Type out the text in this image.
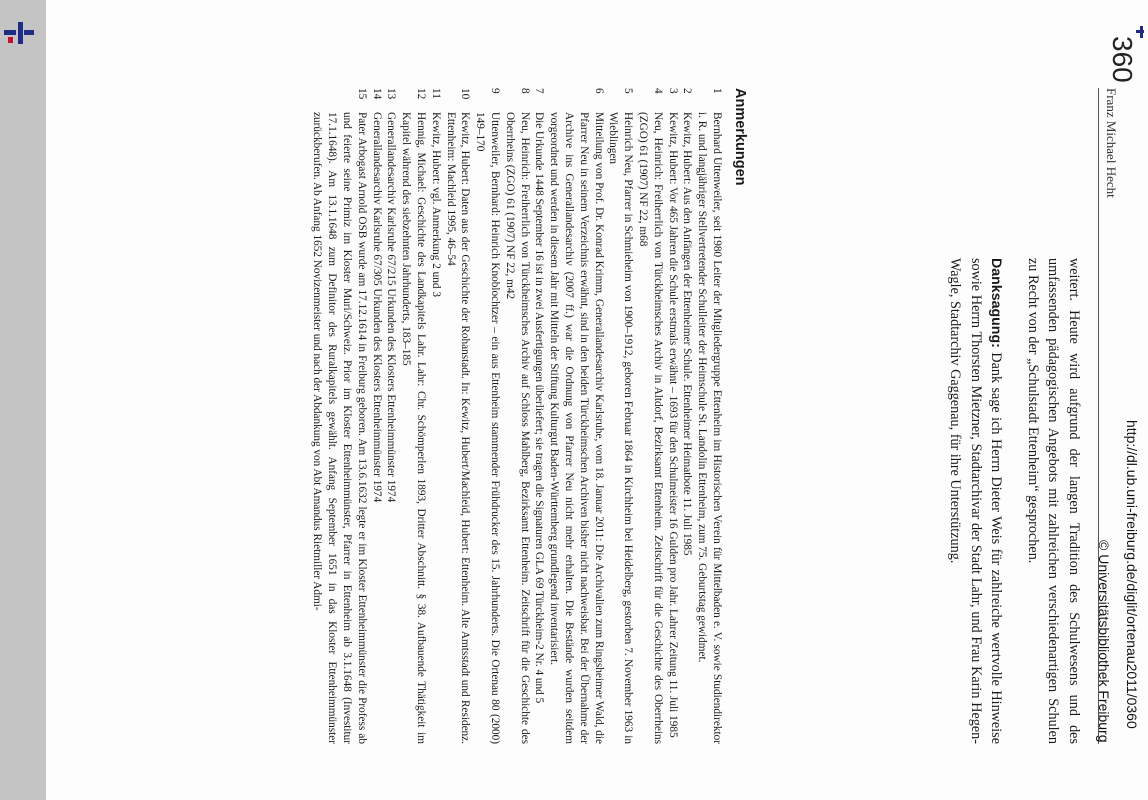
360
Franz Michael Hecht

weitert. Heute wird aufgrund der langen Tradition des Schulwesens und des umfassenden pädagogischen Angebots mit zahlreichen verschiedenartigen Schulen zu Recht von der „Schulstadt Ettenheim“ gesprochen.

Danksagung: Dank sage ich Herrn Dieter Weis für zahlreiche wertvolle Hinweise sowie Herrn Thorsten Mietzner, Stadtarchivar der Stadt Lahr, und Frau Karin Hegen-Wagle, Stadtarchiv Gaggenau, für ihre Unterstützung.

Anmerkungen
1
Bernhard Uttenweiler, seit 1980 Leiter der Mitgliedergruppe Ettenheim im Historischen Verein für Mittelbaden e. V. sowie Studiendirektor i. R. und langjähriger Stellvertretender Schulleiter der Heimschule St. Landolin Ettenheim, zum 75. Geburtstag gewidmet.
2
Kewitz, Hubert: Aus den Anfängen der Ettenheimer Schule. Ettenheimer Heimatbote 11. Juli 1985
3
Kewitz, Hubert: Vor 465 Jahren die Schule erstmals erwähnt – 1693 für den Schulmeister 16 Gulden pro Jahr. Lahrer Zeitung 11. Juli 1985
4
Neu, Heinrich: Freiherrlich von Türckheimsches Archiv in Altdorf, Bezirksamt Ettenheim. Zeitschrift für die Geschichte des Oberrheins (ZGO) 61 (1907) NF 22, m68
5
Heinrich Neu, Pfarrer in Schmieheim von 1900–1912, geboren Februar 1864 in Kirchheim bei Heidelberg, gestorben 7. November 1963 in Wieblingen
6
Mitteilung von Prof. Dr. Konrad Krimm, Generallandesarchiv Karlsruhe, vom 18. Januar 2011: Die Archivalien zum Ringsheimer Wald, die Pfarrer Neu in seinem Verzeichnis erwähnt, sind in den beiden Türckheimschen Archiven bisher nicht nachweisbar. Bei der Übernahme der Archive ins Generallandesarchiv (2007 ff.) war die Ordnung von Pfarrer Neu nicht mehr erhalten. Die Bestände wurden seitdem vorgeordnet und werden in diesem Jahr mit Mitteln der Stiftung Kulturgut Baden-Württemberg grundlegend inventarisiert.
7
Die Urkunde 1448 September 16 ist in zwei Ausfertigungen überliefert; sie tragen die Signaturen GLA 69 Türckheim-2 Nr. 4 und 5
8
Neu, Heinrich: Freiherrlich von Türckheimsches Archiv auf Schloss Mahlberg, Bezirksamt Ettenheim. Zeitschrift für die Geschichte des Oberrheins (ZGO) 61 (1907) NF 22, m42
9
Uttenweiler, Bernhard: Heinrich Knoblochtzer – ein aus Ettenheim stammender Frühdrucker des 15. Jahrhunderts. Die Ortenau 80 (2000) 149–170
10
Kewitz, Hubert: Daten aus der Geschichte der Rohanstadt. In: Kewitz, Hubert/Machleid, Hubert: Ettenheim. Alte Amtsstadt und Residenz. Ettenheim: Machleid 1995, 46–54
11
Kewitz, Hubert: vgl. Anmerkung 2 und 3
12
Hennig, Michael: Geschichte des Landkapitels Lahr. Lahr: Chr. Schömperlen 1893, Dritter Abschnitt. § 38. Aufbauende Thätigkeit im Kapitel während des siebzehnten Jahrhunderts, 183–185
13
Generallandesarchiv Karlsruhe 67/215 Urkunden des Klosters Ettenheimmünster 1974
14
Generallandesarchiv Karlsruhe 67/305 Urkunden des Klosters Ettenheimmünster 1974
15
Pater Arbogast Arnold OSB wurde am 17.12.1614 in Freiburg geboren. Am 13.6.1632 legte er im Kloster Ettenheimmünster die Profess ab und feierte seine Primiz im Kloster Muri/Schweiz. Prior im Kloster Ettenheimmünster, Pfarrer in Ettenheim ab 3.1.1648 (Investitur 17.1.1648). Am 13.1.1648 zum Definitor des Ruralkapitels gewählt. Anfang September 1651 in das Kloster Ettenheimmünster zurückberufen. Ab Anfang 1652 Novizenmeister und nach der Abdankung von Abt Amandus Rietmiller Admi-	http://dl.ub.uni-freiburg.de/diglit/ortenau2011/0360
© Universitätsbibliothek Freiburg
